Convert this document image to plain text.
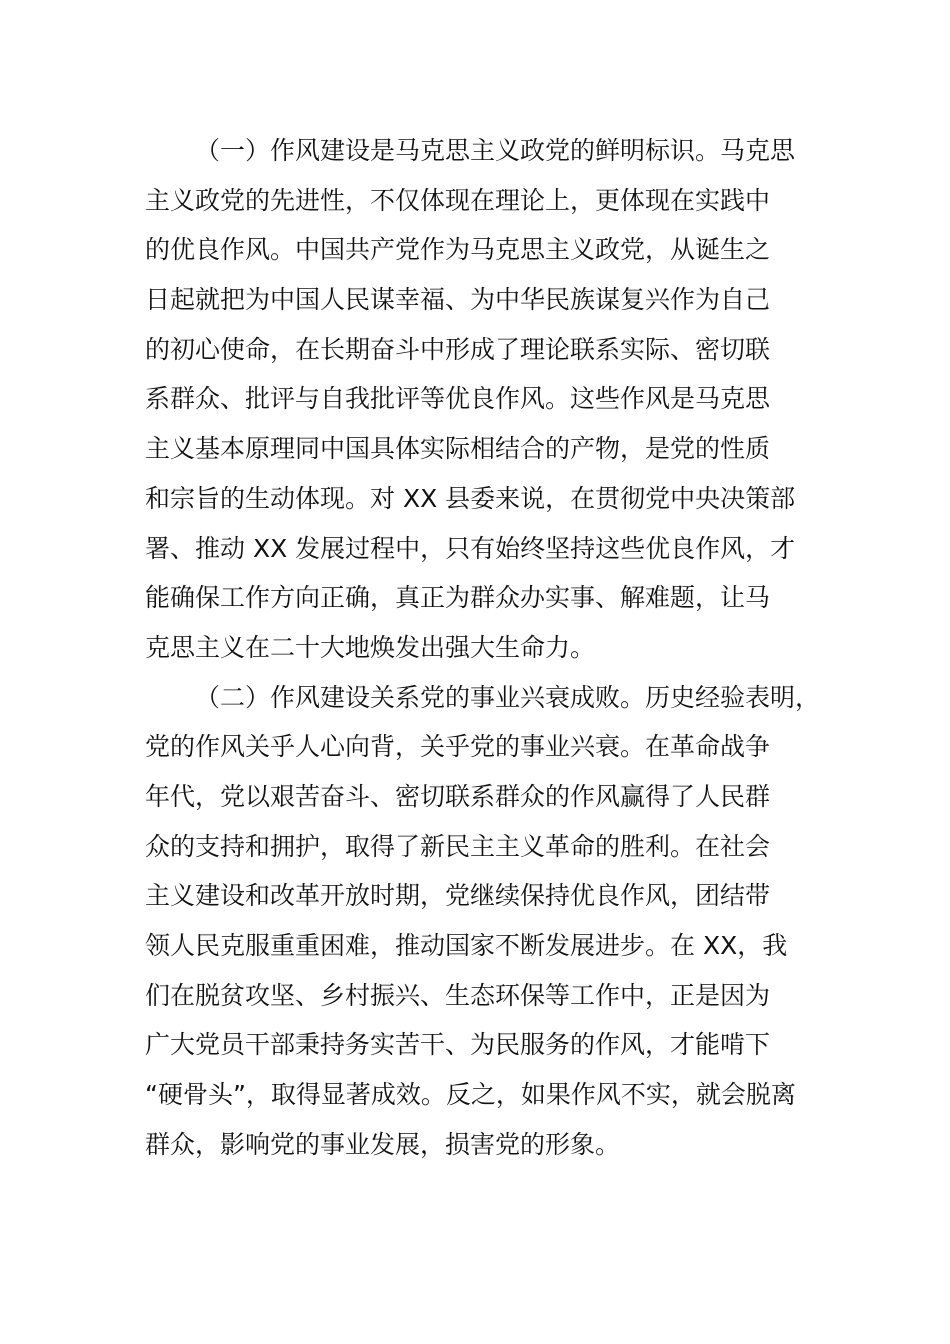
（一）作风建设是马克思主义政党的鲜明标识。马克思
主义政党的先进性，不仅体现在理论上，更体现在实践中
的优良作风。中国共产党作为马克思主义政党，从诞生之
日起就把为中国人民谋幸福、为中华民族谋复兴作为自己
的初心使命，在长期奋斗中形成了理论联系实际、密切联
系群众、批评与自我批评等优良作风。这些作风是马克思
主义基本原理同中国具体实际相结合的产物，是党的性质
和宗旨的生动体现。对 XX 县委来说，在贯彻党中央决策部
署、推动 XX 发展过程中，只有始终坚持这些优良作风，才
能确保工作方向正确，真正为群众办实事、解难题，让马
克思主义在二十大地焕发出强大生命力。
（二）作风建设关系党的事业兴衰成败。历史经验表明，
党的作风关乎人心向背，关乎党的事业兴衰。在革命战争
年代，党以艰苦奋斗、密切联系群众的作风赢得了人民群
众的支持和拥护，取得了新民主主义革命的胜利。在社会
主义建设和改革开放时期，党继续保持优良作风，团结带
领人民克服重重困难，推动国家不断发展进步。在 XX，我
们在脱贫攻坚、乡村振兴、生态环保等工作中，正是因为
广大党员干部秉持务实苦干、为民服务的作风，才能啃下
“硬骨头”，取得显著成效。反之，如果作风不实，就会脱离
群众，影响党的事业发展，损害党的形象。
